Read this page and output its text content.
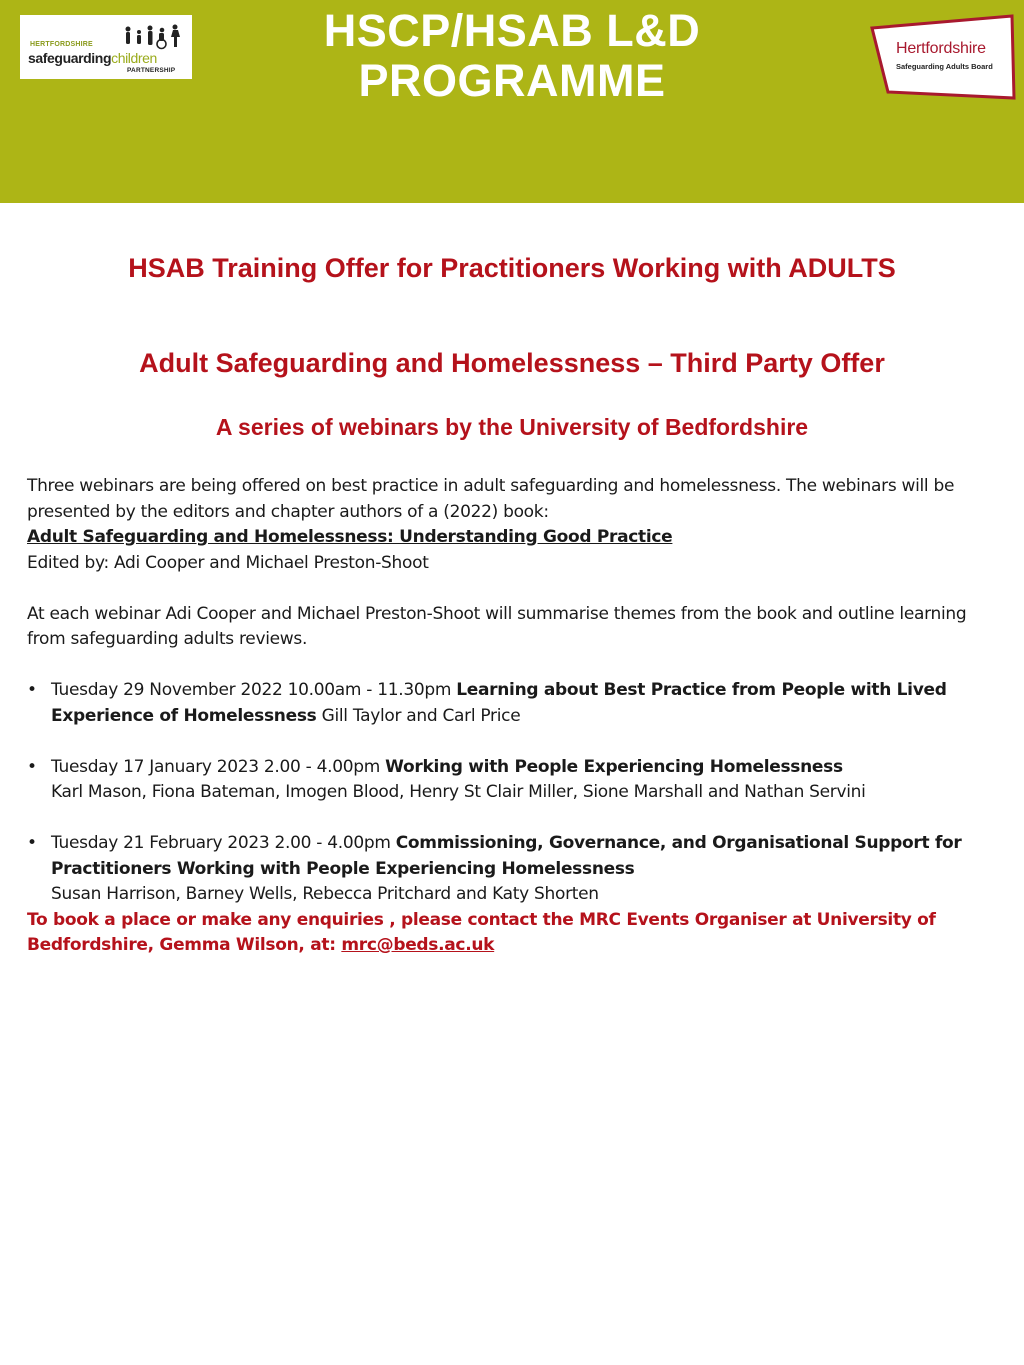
HERTFORDSHIRE
safeguardingchildren
PARTNERSHIP
HSCP/HSAB L&D
PROGRAMME
Hertfordshire
Safeguarding Adults Board
HSAB Training Offer for Practitioners Working with ADULTS
Adult Safeguarding and Homelessness – Third Party Offer
A series of webinars by the University of Bedfordshire

Three webinars are being offered on best practice in adult safeguarding and homelessness. The webinars will be presented by the editors and chapter authors of a (2022) book:

Adult Safeguarding and Homelessness: Understanding Good Practice

Edited by: Adi Cooper and Michael Preston-Shoot

At each webinar Adi Cooper and Michael Preston-Shoot will summarise themes from the book and outline learning from safeguarding adults reviews.

• Tuesday 29 November 2022 10.00am - 11.30pm Learning about Best Practice from People with Lived Experience of Homelessness Gill Taylor and Carl Price
• Tuesday 17 January 2023 2.00 - 4.00pm Working with People Experiencing Homelessness
Karl Mason, Fiona Bateman, Imogen Blood, Henry St Clair Miller, Sione Marshall and Nathan Servini
• Tuesday 21 February 2023 2.00 - 4.00pm Commissioning, Governance, and Organisational Support for Practitioners Working with People Experiencing Homelessness
Susan Harrison, Barney Wells, Rebecca Pritchard and Katy Shorten

To book a place or make any enquiries , please contact the MRC Events Organiser at University of Bedfordshire, Gemma Wilson, at: mrc@beds.ac.uk
